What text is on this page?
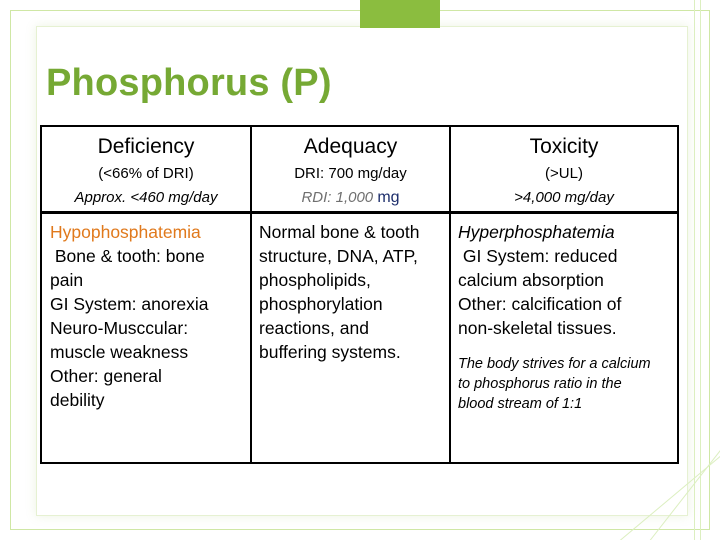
Phosphorus (P)
Deficiency
(<66% of DRI)
Approx. <460 mg/day
Hypophosphatemia
Bone & tooth: bone
pain
GI System: anorexia
Neuro-Musccular:
muscle weakness
Other: general
debility
Adequacy
DRI: 700 mg/day
RDI: 1,000 mg
Normal bone & tooth
structure, DNA, ATP,
phospholipids,
phosphorylation
reactions, and
buffering systems.
Toxicity
(>UL)
>4,000 mg/day
Hyperphosphatemia
GI System: reduced
calcium absorption
Other: calcification of
non-skeletal tissues.
The body strives for a calcium
to phosphorus ratio in the
blood stream of 1:1
